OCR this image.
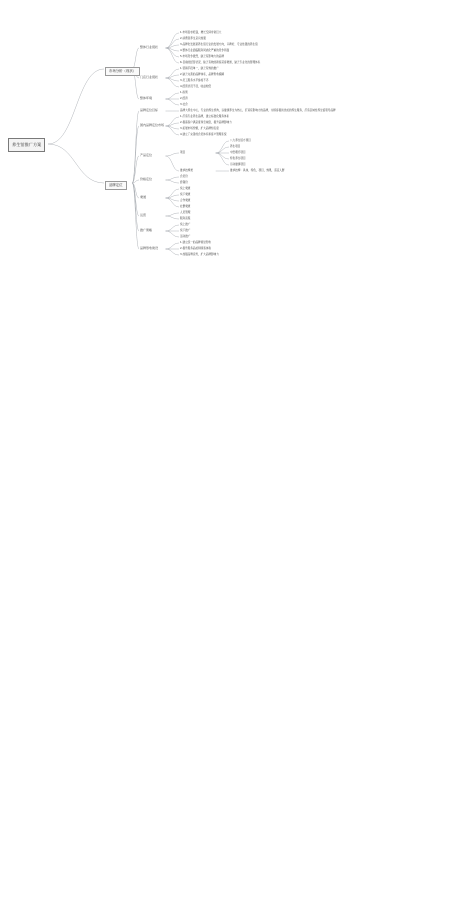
养生馆推广方案
市场分析（现状）
整体行业现状
1.市场需求旺盛，增长空间非常巨大
2.消费者养生意识加强
3.品牌化发展是养生馆行业的发展方向，口碑好、专业性强的养生馆
4.整体行业面临服务同质化严重的竞争局面
5.市场竞争激烈，缺乏有影响力的品牌
6.目前的经营状况，缺乏有效的新客获客渠道，缺乏专业化的管理体系
门店行业现状
1.营销手段单一，缺乏有效的推广
2.缺乏完善的品牌体系，品牌形象模糊
3.员工服务水平参差不齐
4.经营状况不佳，收益较低
整体环境
1.政策
2.经济
3.社会
品牌定位
品牌定位目标	品牌大养生中心，专业的养生机构，以健康养生为核心，打造有影响力的品牌，为顾客提供优质的养生服务，打造区域性养生馆领导品牌
国内品牌定位市场
1.打造专业养生品牌，建立标准化服务体系
2.提高客户满意度和忠诚度，提升品牌影响力
3.拓展市场份额，扩大品牌知名度
4.建立了完善的会员体系和客户管理系统
产品定位
项目
八大养生馆方项目
养生项目
中医理疗项目
特色养生项目
运动健康项目
推拿按摩类	推拿按摩：具体，特色，项目，效果，适宜人群
价格定位
会员价
套餐价
渠道
线上渠道
线下渠道
合作渠道
社群渠道
运营
人员管理
服务流程
推广策略
线上推广
线下推广
活动推广
品牌形象建设
1.建立统一的品牌视觉形象
2.提升服务品质和顾客体验
3.加强品牌宣传，扩大品牌影响力
